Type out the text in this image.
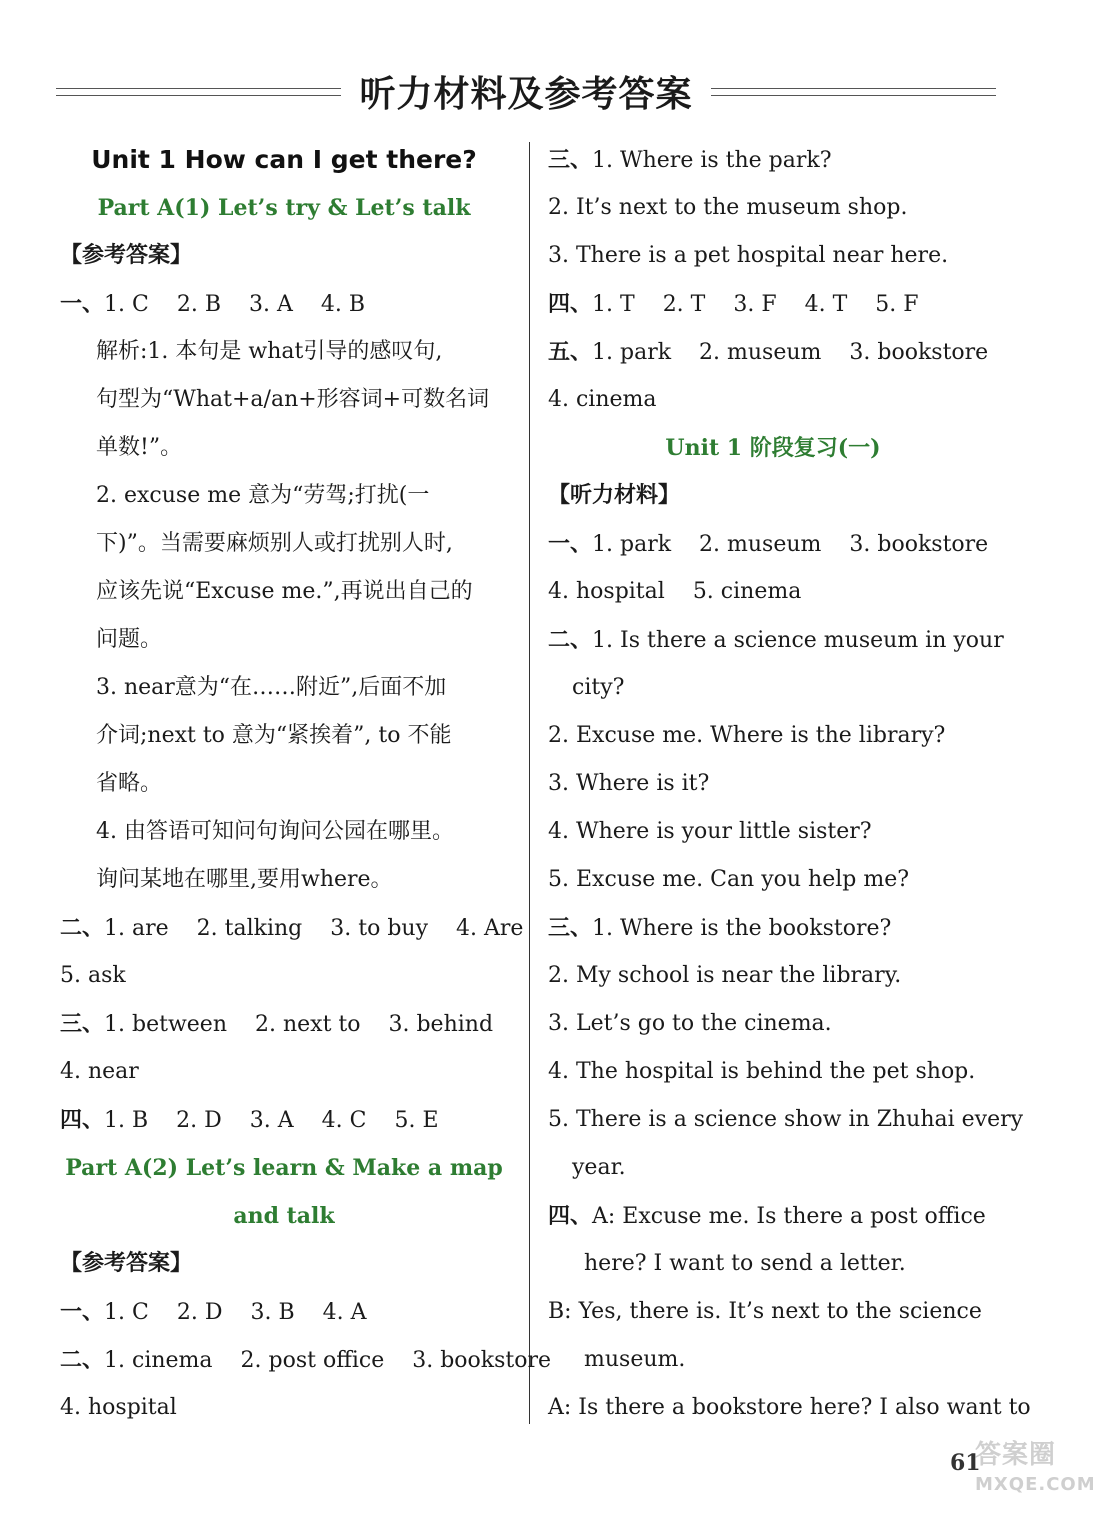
听力材料及参考答案
Unit 1 How can I get there?
Part A(1) Let’s try & Let’s talk
【参考答案】
一、1. C 2. B 3. A 4. B
解析:1. 本句是 what引导的感叹句,
句型为“What+a/an+形容词+可数名词
单数!”。
2. excuse me 意为“劳驾;打扰(一
下)”。当需要麻烦别人或打扰别人时,
应该先说“Excuse me.”,再说出自己的
问题。
3. near意为“在……附近”,后面不加
介词;next to 意为“紧挨着”, to 不能
省略。
4. 由答语可知问句询问公园在哪里。
询问某地在哪里,要用where。
二、1. are 2. talking 3. to buy 4. Are
5. ask
三、1. between 2. next to 3. behind
4. near
四、1. B 2. D 3. A 4. C 5. E
Part A(2) Let’s learn & Make a map
and talk
【参考答案】
一、1. C 2. D 3. B 4. A
二、1. cinema 2. post office 3. bookstore
4. hospital
三、1. Where is the park?
2. It’s next to the museum shop.
3. There is a pet hospital near here.
四、1. T 2. T 3. F 4. T 5. F
五、1. park 2. museum 3. bookstore
4. cinema
Unit 1 阶段复习(一)
【听力材料】
一、1. park 2. museum 3. bookstore
4. hospital 5. cinema
二、1. Is there a science museum in your
city?
2. Excuse me. Where is the library?
3. Where is it?
4. Where is your little sister?
5. Excuse me. Can you help me?
三、1. Where is the bookstore?
2. My school is near the library.
3. Let’s go to the cinema.
4. The hospital is behind the pet shop.
5. There is a science show in Zhuhai every
year.
四、A: Excuse me. Is there a post office
here? I want to send a letter.
B: Yes, there is. It’s next to the science
museum.
A: Is there a bookstore here? I also want to
61
答案圈
MXQE.COM
